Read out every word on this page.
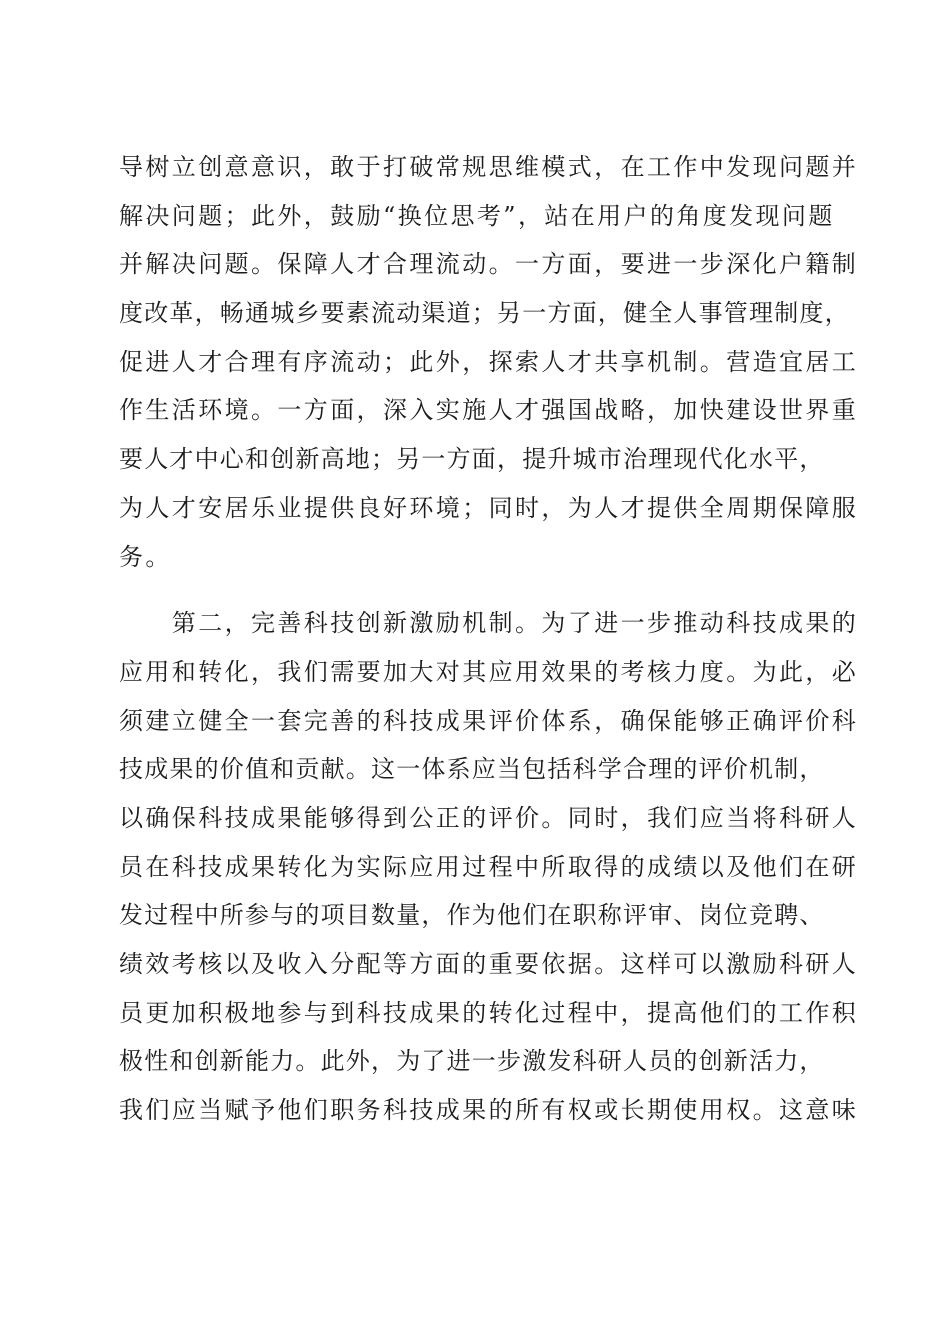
导树立创意意识，敢于打破常规思维模式，在工作中发现问题并
解决问题；此外，鼓励“换位思考”，站在用户的角度发现问题
并解决问题。保障人才合理流动。一方面，要进一步深化户籍制
度改革，畅通城乡要素流动渠道；另一方面，健全人事管理制度，
促进人才合理有序流动；此外，探索人才共享机制。营造宜居工
作生活环境。一方面，深入实施人才强国战略，加快建设世界重
要人才中心和创新高地；另一方面，提升城市治理现代化水平，
为人才安居乐业提供良好环境；同时，为人才提供全周期保障服
务。
　　第二，完善科技创新激励机制。为了进一步推动科技成果的
应用和转化，我们需要加大对其应用效果的考核力度。为此，必
须建立健全一套完善的科技成果评价体系，确保能够正确评价科
技成果的价值和贡献。这一体系应当包括科学合理的评价机制，
以确保科技成果能够得到公正的评价。同时，我们应当将科研人
员在科技成果转化为实际应用过程中所取得的成绩以及他们在研
发过程中所参与的项目数量，作为他们在职称评审、岗位竞聘、
绩效考核以及收入分配等方面的重要依据。这样可以激励科研人
员更加积极地参与到科技成果的转化过程中，提高他们的工作积
极性和创新能力。此外，为了进一步激发科研人员的创新活力，
我们应当赋予他们职务科技成果的所有权或长期使用权。这意味
